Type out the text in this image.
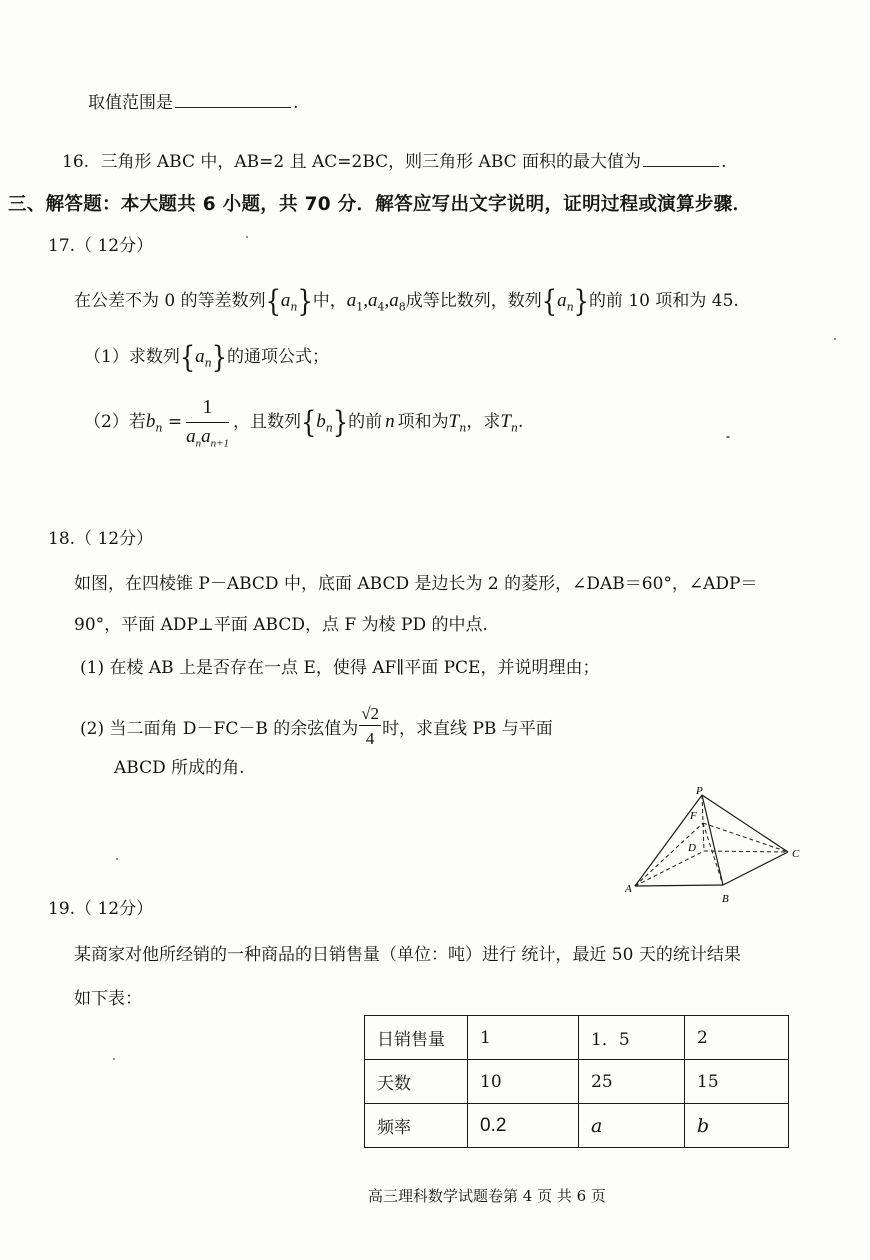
取值范围是	.
16. 三角形 ABC 中，AB=2 且 AC=2BC，则三角形 ABC 面积的最大值为	.
三、解答题：本大题共 6 小题，共 70 分．解答应写出文字说明，证明过程或演算步骤．
17.（ 12分）
在公差不为 0 的等差数列$\{a_n\}$中，$a_1,a_4,a_8$成等比数列，数列$\{a_n\}$的前 10 项和为 45.
（1）求数列$\{a_n\}$的通项公式；
（2）若$b_n = \frac{1}{a_na_{n+1}}$ ，且数列$\{b_n\}$的前 n 项和为$T_n$，求$T_n$.
18.（ 12分）
如图，在四棱锥 P－ABCD 中，底面 ABCD 是边长为 2 的菱形，∠DAB＝60°，∠ADP＝
90°，平面 ADP⊥平面 ABCD，点 F 为棱 PD 的中点.
(1) 在棱 AB 上是否存在一点 E，使得 AF∥平面 PCE，并说明理由；
(2) 当二面角 D－FC－B 的余弦值为 $\frac{√2}{4}$ 时，求直线 PB 与平面
ABCD 所成的角.
P
F
D	C
A
B
19.（ 12分）
某商家对他所经销的一种商品的日销售量（单位：吨）进行 统计，最近 50 天的统计结果
如下表：
日销售量	1	1．5	2
天数	10	25	15
频率	0.2	a	b
高三理科数学试题卷第 4 页 共 6 页
